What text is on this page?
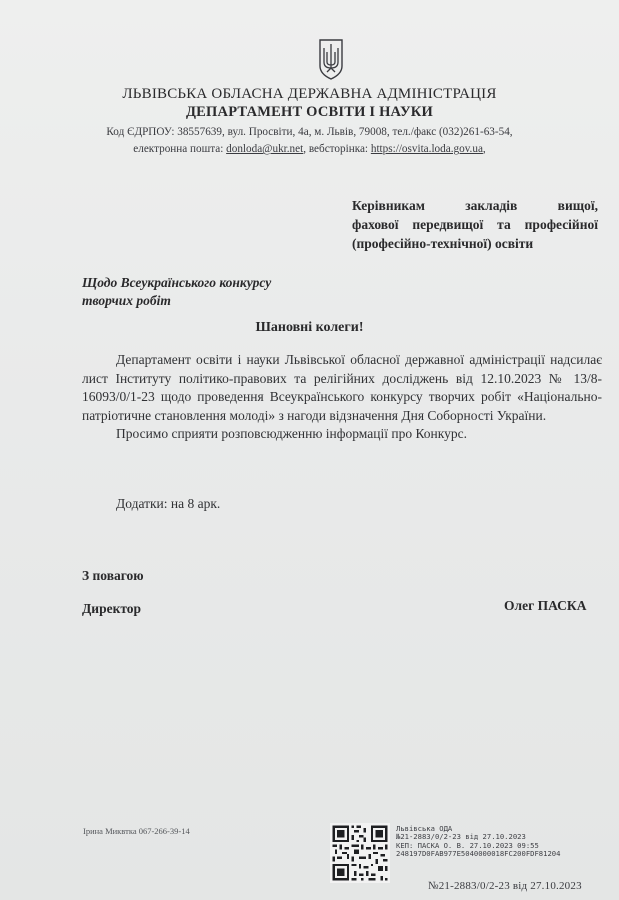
ЛЬВІВСЬКА ОБЛАСНА ДЕРЖАВНА АДМІНІСТРАЦІЯ
ДЕПАРТАМЕНТ ОСВІТИ І НАУКИ
Код ЄДРПОУ: 38557639, вул. Просвіти, 4а, м. Львів, 79008, тел./факс (032)261-63-54,
електронна пошта: donloda@ukr.net, вебсторінка: https://osvita.loda.gov.ua,
Керівникам закладів вищої,
фахової передвищої та професійної
(професійно-технічної) освіти
Щодо Всеукраїнського конкурсу
творчих робіт
Шановні колеги!

Департамент освіти і науки Львівської обласної державної адміністрації надсилає лист Інституту політико-правових та релігійних досліджень від 12.10.2023 № 13/8-16093/0/1-23 щодо проведення Всеукраїнського конкурсу творчих робіт «Національно-патріотичне становлення молоді» з нагоди відзначення Дня Соборності України.

Просимо сприяти розповсюдженню інформації про Конкурс.

Додатки: на 8 арк.
З повагою
Директор	Олег ПАСКА
Ірина Миквтка 067-266-39-14	Львівська ОДА
№21-2883/0/2-23 від 27.10.2023
КЕП: ПАСКА О. В. 27.10.2023 09:55
248197D0FAB977E5040000018FC200FDF81204
№21-2883/0/2-23 від 27.10.2023
